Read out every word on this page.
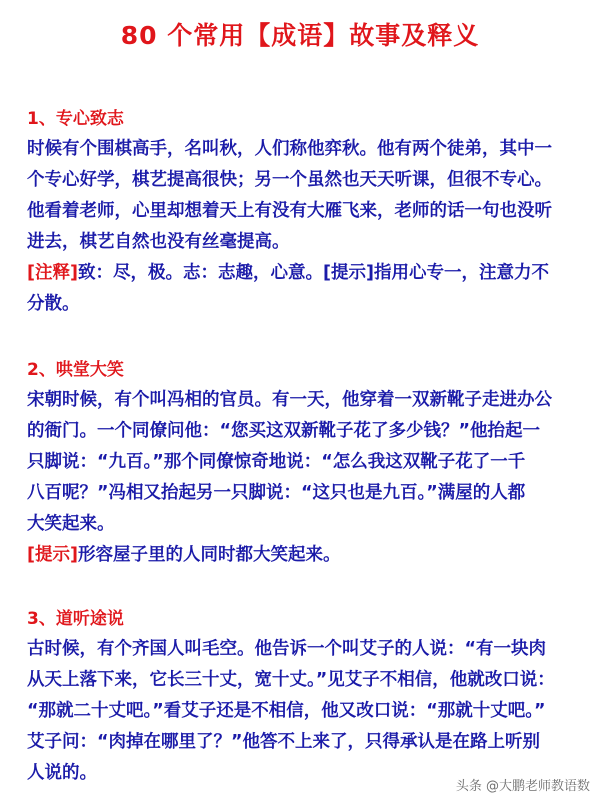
80 个常用【成语】故事及释义
1、专心致志
时候有个围棋高手，名叫秋，人们称他弈秋。他有两个徒弟，其中一
个专心好学，棋艺提高很快；另一个虽然也天天听课，但很不专心。
他看着老师，心里却想着天上有没有大雁飞来，老师的话一句也没听
进去，棋艺自然也没有丝毫提高。
[注释]致：尽，极。志：志趣，心意。[提示]指用心专一，注意力不
分散。
2、哄堂大笑
宋朝时候，有个叫冯相的官员。有一天，他穿着一双新靴子走进办公
的衙门。一个同僚问他：“您买这双新靴子花了多少钱？”他抬起一
只脚说：“九百。”那个同僚惊奇地说：“怎么我这双靴子花了一千
八百呢？”冯相又抬起另一只脚说：“这只也是九百。”满屋的人都
大笑起来。
[提示]形容屋子里的人同时都大笑起来。
3、道听途说
古时候，有个齐国人叫毛空。他告诉一个叫艾子的人说：“有一块肉
从天上落下来，它长三十丈，宽十丈。”见艾子不相信，他就改口说：
“那就二十丈吧。”看艾子还是不相信，他又改口说：“那就十丈吧。”
艾子问：“肉掉在哪里了？”他答不上来了，只得承认是在路上听别
人说的。
头条 @大鹏老师教语数
